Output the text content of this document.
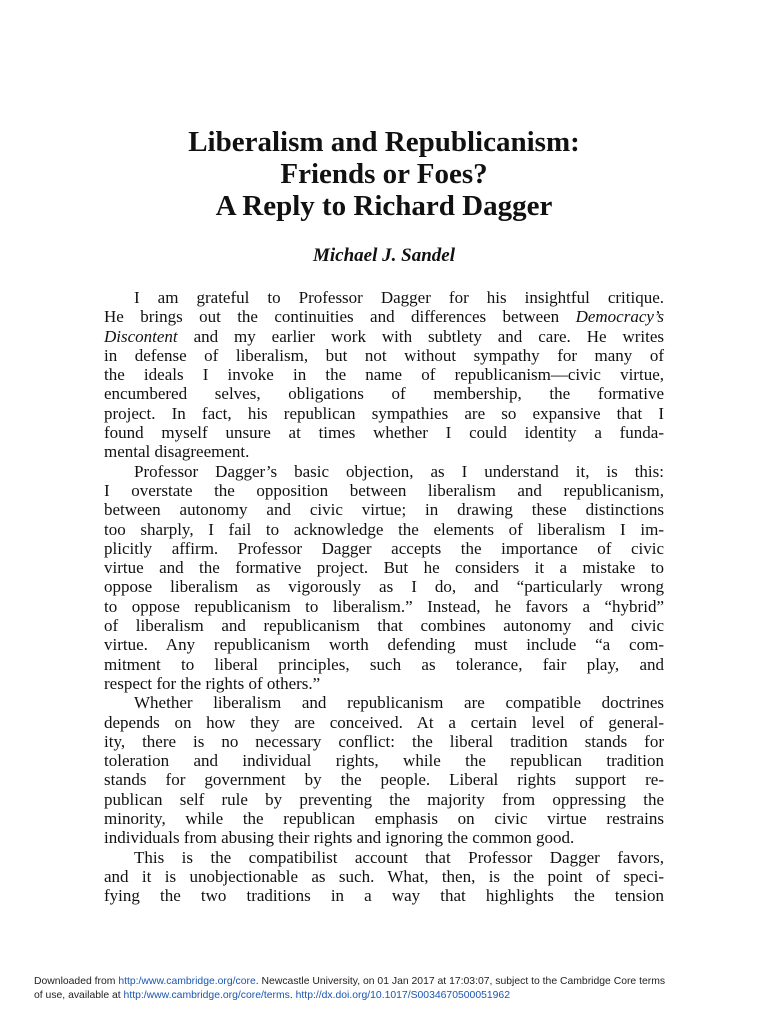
Liberalism and Republicanism:
Friends or Foes?
A Reply to Richard Dagger
Michael J. Sandel
I am grateful to Professor Dagger for his insightful critique.
He brings out the continuities and differences between Democracy’s
Discontent and my earlier work with subtlety and care. He writes
in defense of liberalism, but not without sympathy for many of
the ideals I invoke in the name of republicanism—civic virtue,
encumbered selves, obligations of membership, the formative
project. In fact, his republican sympathies are so expansive that I
found myself unsure at times whether I could identity a funda-
mental disagreement.
Professor Dagger’s basic objection, as I understand it, is this:
I overstate the opposition between liberalism and republicanism,
between autonomy and civic virtue; in drawing these distinctions
too sharply, I fail to acknowledge the elements of liberalism I im-
plicitly affirm. Professor Dagger accepts the importance of civic
virtue and the formative project. But he considers it a mistake to
oppose liberalism as vigorously as I do, and “particularly wrong
to oppose republicanism to liberalism.” Instead, he favors a “hybrid”
of liberalism and republicanism that combines autonomy and civic
virtue. Any republicanism worth defending must include “a com-
mitment to liberal principles, such as tolerance, fair play, and
respect for the rights of others.”
Whether liberalism and republicanism are compatible doctrines
depends on how they are conceived. At a certain level of general-
ity, there is no necessary conflict: the liberal tradition stands for
toleration and individual rights, while the republican tradition
stands for government by the people. Liberal rights support re-
publican self rule by preventing the majority from oppressing the
minority, while the republican emphasis on civic virtue restrains
individuals from abusing their rights and ignoring the common good.
This is the compatibilist account that Professor Dagger favors,
and it is unobjectionable as such. What, then, is the point of speci-
fying the two traditions in a way that highlights the tension
Downloaded from http:/www.cambridge.org/core. Newcastle University, on 01 Jan 2017 at 17:03:07, subject to the Cambridge Core terms
of use, available at http:/www.cambridge.org/core/terms. http://dx.doi.org/10.1017/S0034670500051962
